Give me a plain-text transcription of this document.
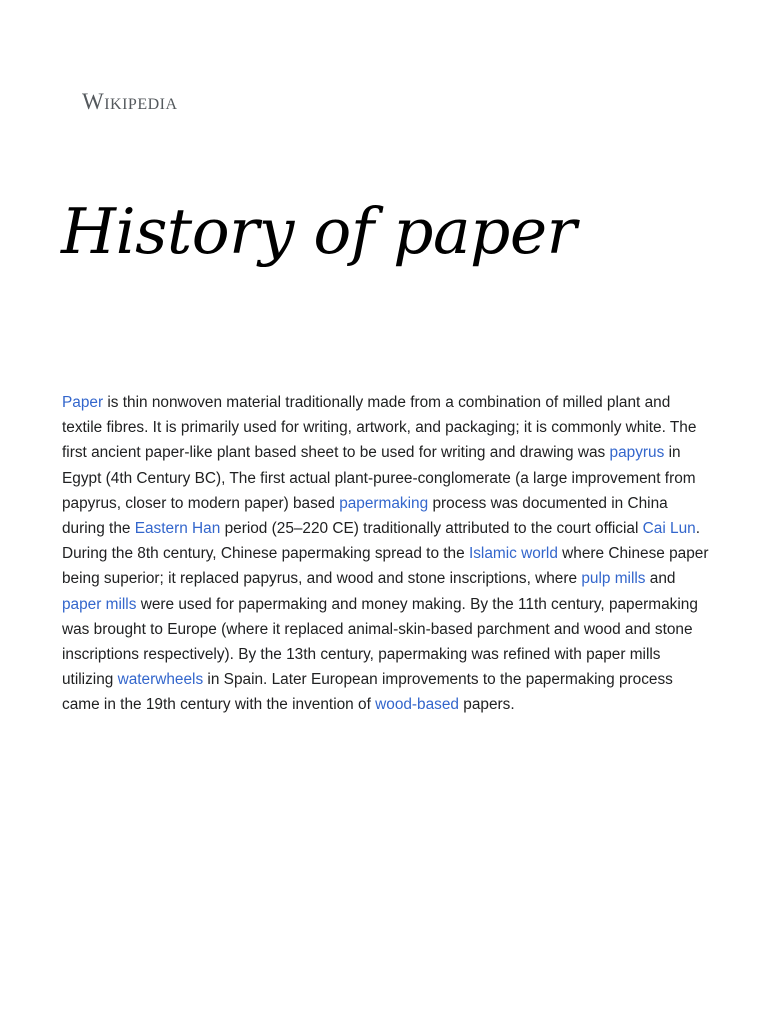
Wikipedia
History of paper

Paper is thin nonwoven material traditionally made from a combination of milled plant and textile fibres. It is primarily used for writing, artwork, and packaging; it is commonly white. The first ancient paper-like plant based sheet to be used for writing and drawing was papyrus in Egypt (4th Century BC), The first actual plant-puree-conglomerate (a large improvement from papyrus, closer to modern paper) based papermaking process was documented in China during the Eastern Han period (25–220 CE) traditionally attributed to the court official Cai Lun. During the 8th century, Chinese papermaking spread to the Islamic world where Chinese paper being superior; it replaced papyrus, and wood and stone inscriptions, where pulp mills and paper mills were used for papermaking and money making. By the 11th century, papermaking was brought to Europe (where it replaced animal-skin-based parchment and wood and stone inscriptions respectively). By the 13th century, papermaking was refined with paper mills utilizing waterwheels in Spain. Later European improvements to the papermaking process came in the 19th century with the invention of wood-based papers.
